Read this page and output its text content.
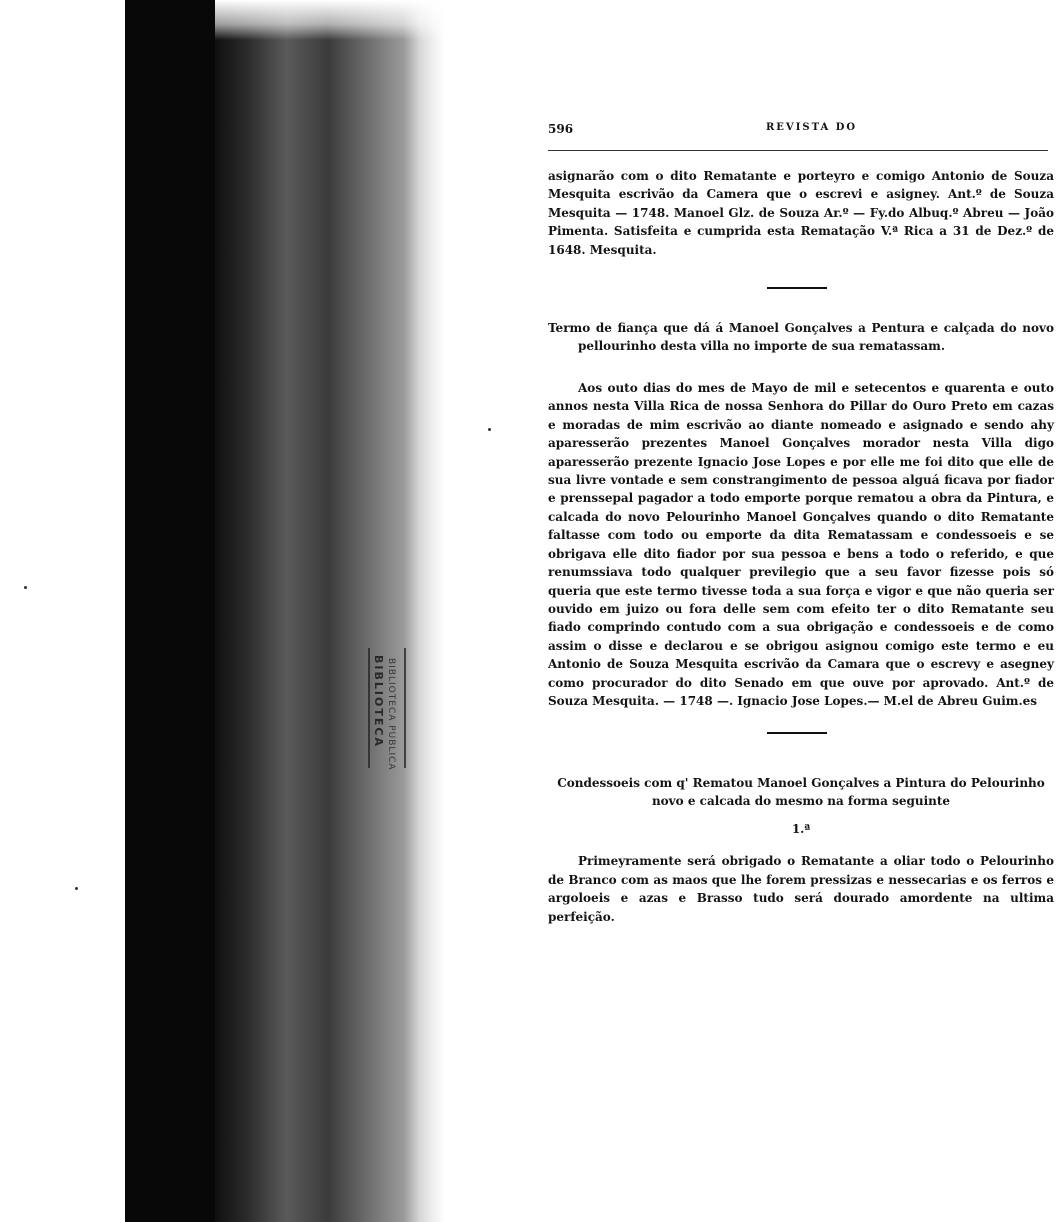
BIBLIOTECA BIBLIOTECA PUBLICA
596	REVISTA DO

asignarão com o dito Rematante e porteyro e comigo Antonio de Souza Mesquita escrivão da Camera que o escrevi e asigney. Ant.º de Souza Mesquita — 1748. Manoel Glz. de Souza Ar.º — Fy.do Albuq.º Abreu — João Pimenta. Satisfeita e cumprida esta Rematação V.ª Rica a 31 de Dez.º de 1648. Mesquita.

Termo de fiança que dá á Manoel Gonçalves a Pentura e calçada do novo pellourinho desta villa no importe de sua rematassam.

Aos outo dias do mes de Mayo de mil e setecentos e quarenta e outo annos nesta Villa Rica de nossa Senhora do Pillar do Ouro Preto em cazas e moradas de mim escrivão ao diante nomeado e asignado e sendo ahy aparesserão prezentes Manoel Gonçalves morador nesta Villa digo aparesserão prezente Ignacio Jose Lopes e por elle me foi dito que elle de sua livre vontade e sem constrangimento de pessoa alguá ficava por fiador e prenssepal pagador a todo emporte porque rematou a obra da Pintura, e calcada do novo Pelourinho Manoel Gonçalves quando o dito Rematante faltasse com todo ou emporte da dita Rematassam e condessoeis e se obrigava elle dito fiador por sua pessoa e bens a todo o referido, e que renumssiava todo qualquer previlegio que a seu favor fizesse pois só queria que este termo tivesse toda a sua força e vigor e que não queria ser ouvido em juizo ou fora delle sem com efeito ter o dito Rematante seu fiado comprindo contudo com a sua obrigação e condessoeis e de como assim o disse e declarou e se obrigou asignou comigo este termo e eu Antonio de Souza Mesquita escrivão da Camara que o escrevy e asegney como procurador do dito Senado em que ouve por aprovado. Ant.º de Souza Mesquita. — 1748 —. Ignacio Jose Lopes.— M.el de Abreu Guim.es

Condessoeis com q' Rematou Manoel Gonçalves a Pintura do Pelourinho novo e calcada do mesmo na forma seguinte

1.ª

Primeyramente será obrigado o Rematante a oliar todo o Pelourinho de Branco com as maos que lhe forem pressizas e nessecarias e os ferros e argoloeis e azas e Brasso tudo será dourado amordente na ultima perfeição.
